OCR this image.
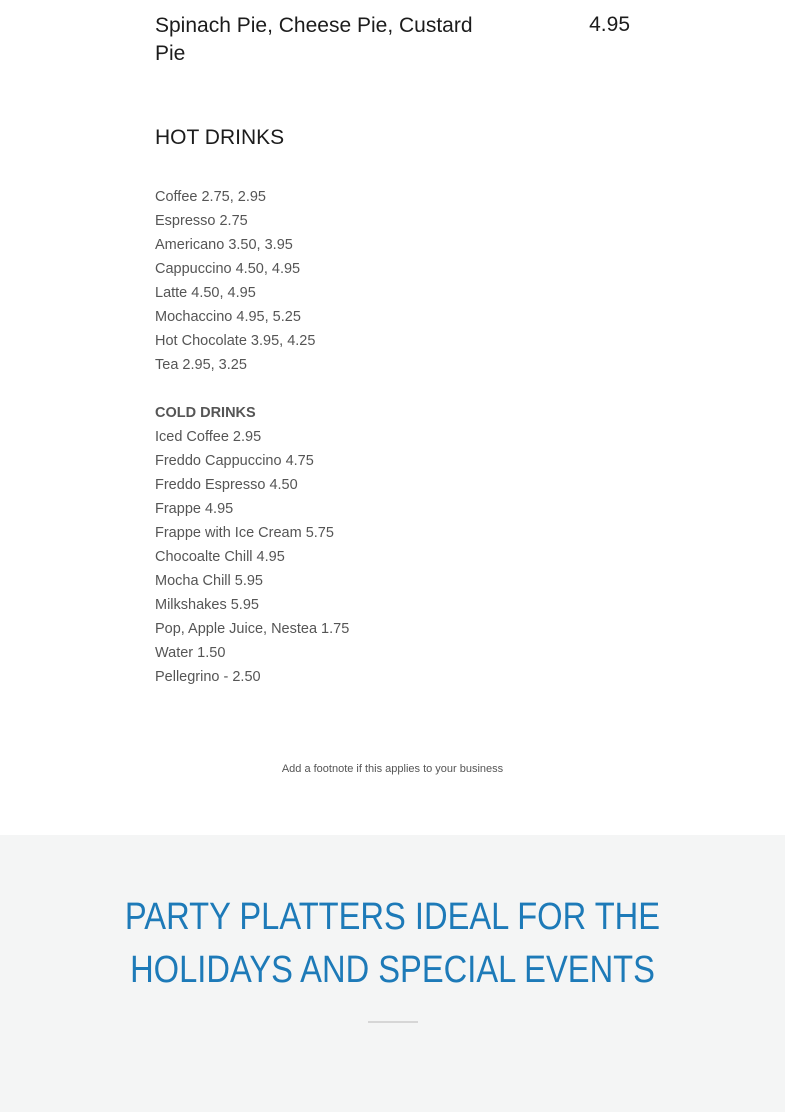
Spinach Pie, Cheese Pie, Custard Pie
4.95
HOT DRINKS
Coffee 2.75, 2.95
Espresso 2.75
Americano 3.50, 3.95
Cappuccino 4.50, 4.95
Latte 4.50, 4.95
Mochaccino 4.95, 5.25
Hot Chocolate 3.95, 4.25
Tea 2.95, 3.25
COLD DRINKS
Iced Coffee 2.95
Freddo Cappuccino 4.75
Freddo Espresso 4.50
Frappe 4.95
Frappe with Ice Cream 5.75
Chocoalte Chill 4.95
Mocha Chill 5.95
Milkshakes 5.95
Pop, Apple Juice, Nestea 1.75
Water 1.50
Pellegrino - 2.50
Add a footnote if this applies to your business
PARTY PLATTERS IDEAL FOR THE HOLIDAYS AND SPECIAL EVENTS
